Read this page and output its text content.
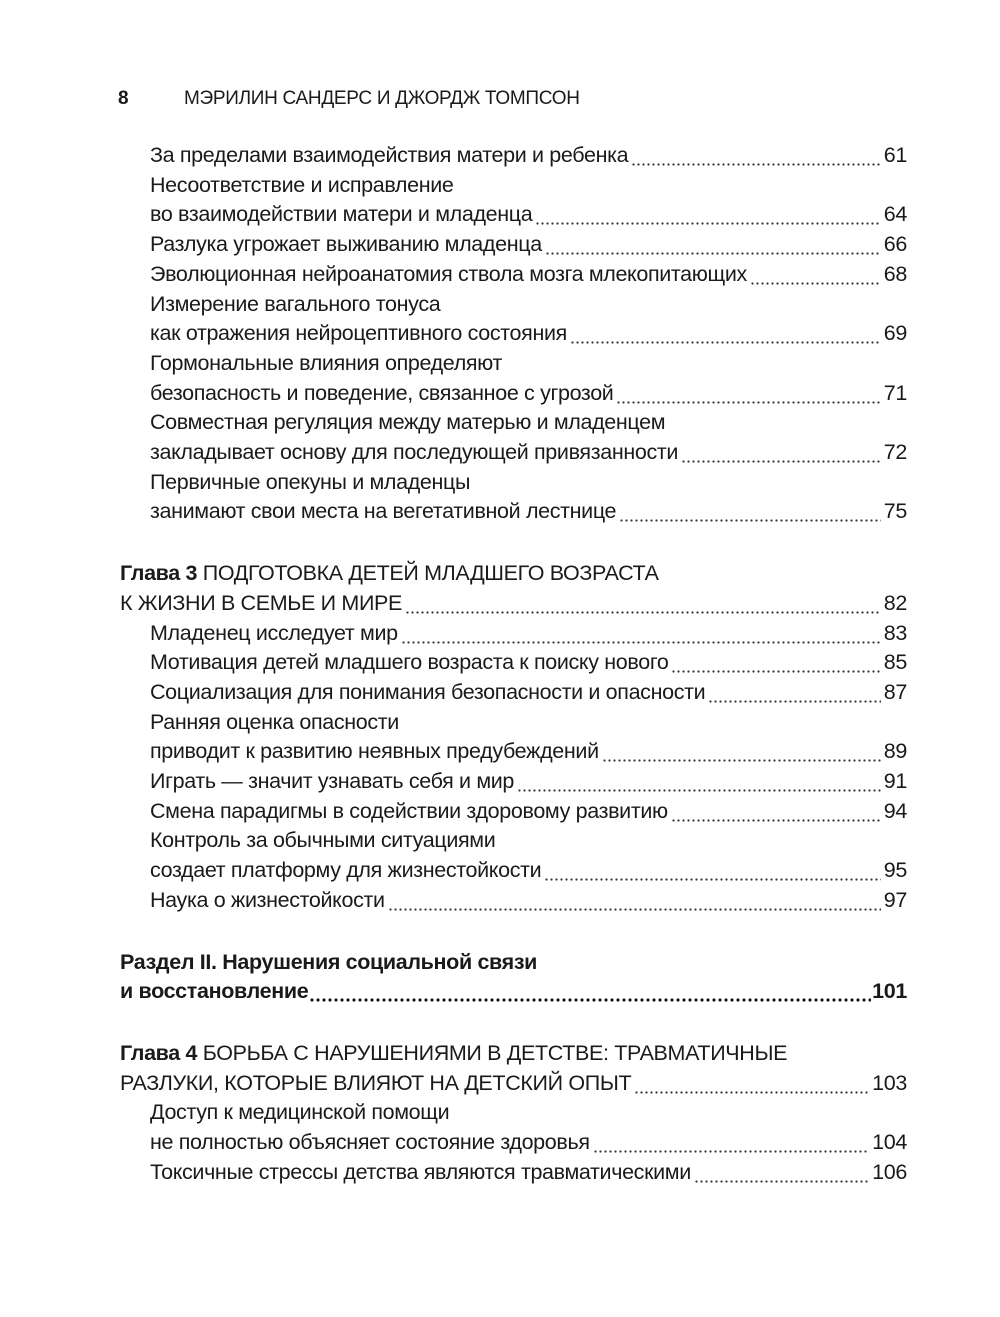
8	МЭРИЛИН САНДЕРС И ДЖОРДЖ ТОМПСОН
За пределами взаимодействия матери и ребенка	61
Несоответствие и исправление
во взаимодействии матери и младенца	64
Разлука угрожает выживанию младенца	66
Эволюционная нейроанатомия ствола мозга млекопитающих	68
Измерение вагального тонуса
как отражения нейроцептивного состояния	69
Гормональные влияния определяют
безопасность и поведение, связанное с угрозой	71
Совместная регуляция между матерью и младенцем
закладывает основу для последующей привязанности	72
Первичные опекуны и младенцы
занимают свои места на вегетативной лестнице	75
Глава 3
ПОДГОТОВКА ДЕТЕЙ МЛАДШЕГО ВОЗРАСТА
К ЖИЗНИ В СЕМЬЕ И МИРЕ	82
Младенец исследует мир	83
Мотивация детей младшего возраста к поиску нового	85
Социализация для понимания безопасности и опасности	87
Ранняя оценка опасности
приводит к развитию неявных предубеждений	89
Играть — значит узнавать себя и мир	91
Смена парадигмы в содействии здоровому развитию	94
Контроль за обычными ситуациями
создает платформу для жизнестойкости	95
Наука о жизнестойкости	97
Раздел II. Нарушения социальной связи
и восстановление	101
Глава 4
БОРЬБА С НАРУШЕНИЯМИ В ДЕТСТВЕ: ТРАВМАТИЧНЫЕ
РАЗЛУКИ, КОТОРЫЕ ВЛИЯЮТ НА ДЕТСКИЙ ОПЫТ	103
Доступ к медицинской помощи
не полностью объясняет состояние здоровья	104
Токсичные стрессы детства являются травматическими	106
